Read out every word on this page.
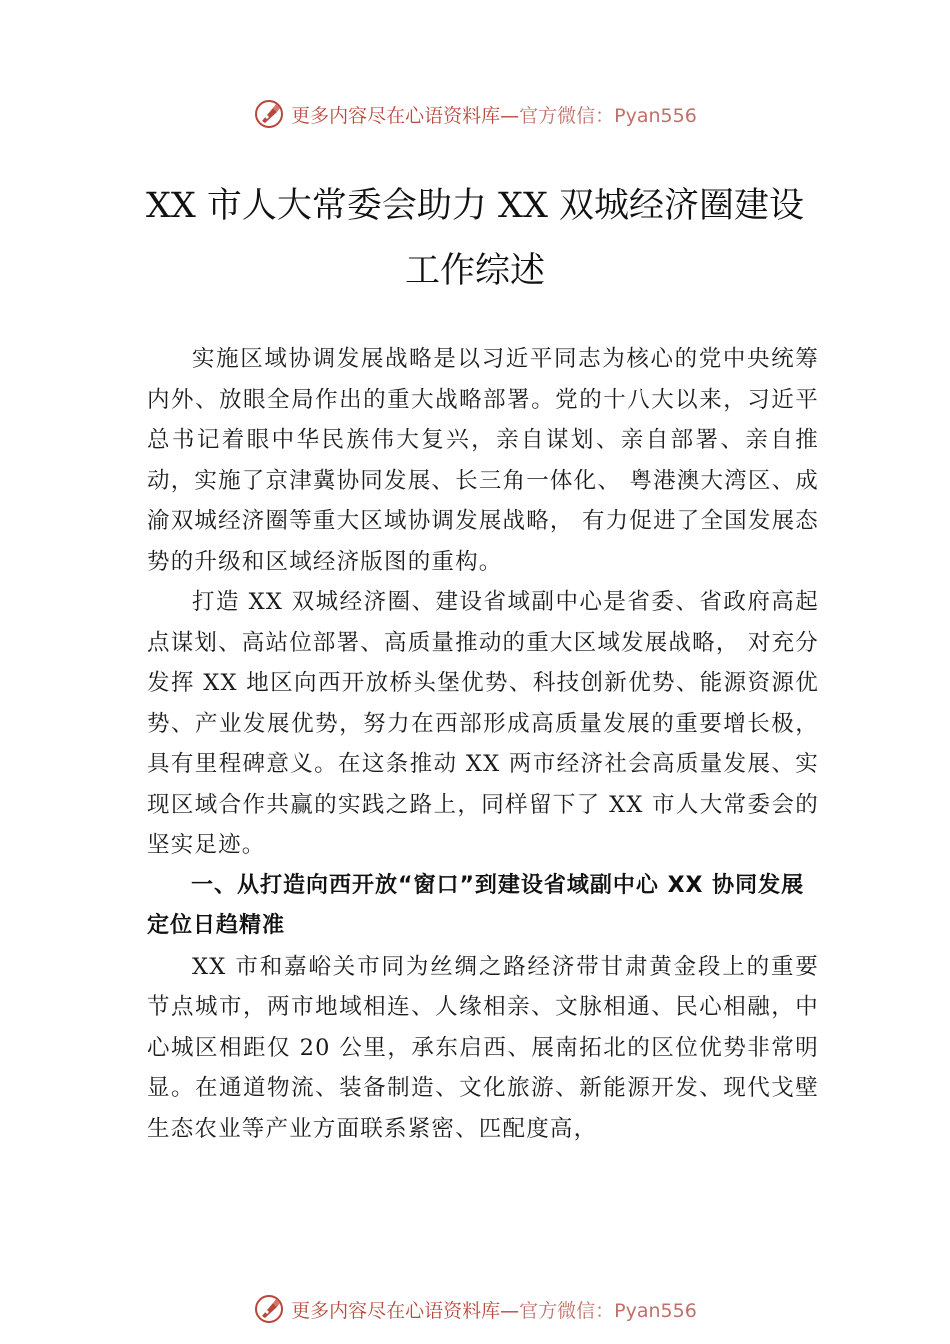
更多内容尽在心语资料库—官方微信：Pyan556
XX 市人大常委会助力 XX 双城经济圈建设
工作综述

实施区域协调发展战略是以习近平同志为核心的党中央统筹内外、放眼全局作出的重大战略部署。党的十八大以来，习近平总书记着眼中华民族伟大复兴，亲自谋划、亲自部署、亲自推动，实施了京津冀协同发展、长三角一体化、 粤港澳大湾区、成渝双城经济圈等重大区域协调发展战略， 有力促进了全国发展态势的升级和区域经济版图的重构。

打造 XX 双城经济圈、建设省域副中心是省委、省政府高起点谋划、高站位部署、高质量推动的重大区域发展战略， 对充分发挥 XX 地区向西开放桥头堡优势、科技创新优势、能源资源优势、产业发展优势，努力在西部形成高质量发展的重要增长极，具有里程碑意义。在这条推动 XX 两市经济社会高质量发展、实现区域合作共赢的实践之路上，同样留下了 XX 市人大常委会的坚实足迹。

一、从打造向西开放“窗口”到建设省域副中心 XX 协同发展定位日趋精准

XX 市和嘉峪关市同为丝绸之路经济带甘肃黄金段上的重要节点城市，两市地域相连、人缘相亲、文脉相通、民心相融，中心城区相距仅 20 公里，承东启西、展南拓北的区位优势非常明显。在通道物流、装备制造、文化旅游、新能源开发、现代戈壁生态农业等产业方面联系紧密、匹配度高，

更多内容尽在心语资料库—官方微信：Pyan556
